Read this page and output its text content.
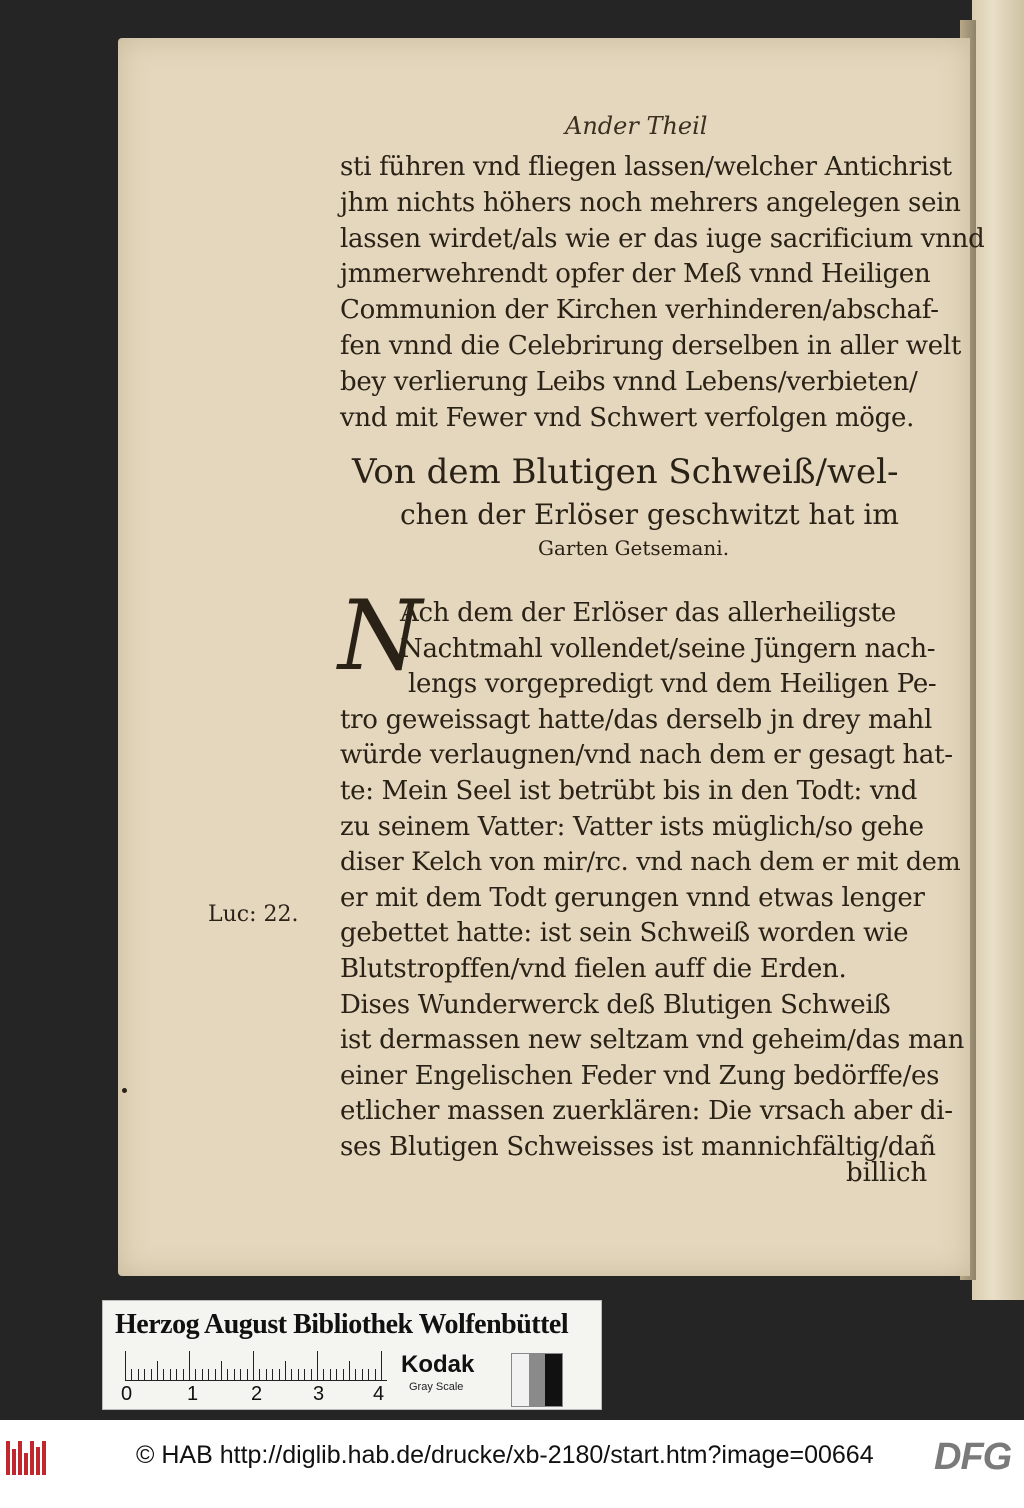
Ander Theil
sti führen vnd fliegen lassen/welcher Antichrist
jhm nichts höhers noch mehrers angelegen sein
lassen wirdet/als wie er das iuge sacrificium vnnd
jmmerwehrendt opfer der Meß vnnd Heiligen
Communion der Kirchen verhinderen/abschaf-
fen vnnd die Celebrirung derselben in aller welt
bey verlierung Leibs vnnd Lebens/verbieten/
vnd mit Fewer vnd Schwert verfolgen möge.
Von dem Blutigen Schweiß/wel-
chen der Erlöser geschwitzt hat im
Garten Getsemani.
N
Ach dem der Erlöser das allerheiligste
Nachtmahl vollendet/seine Jüngern nach-
lengs vorgepredigt vnd dem Heiligen Pe-
tro geweissagt hatte/das derselb jn drey mahl
würde verlaugnen/vnd nach dem er gesagt hat-
te: Mein Seel ist betrübt bis in den Todt: vnd
zu seinem Vatter: Vatter ists müglich/so gehe
diser Kelch von mir/rc. vnd nach dem er mit dem
er mit dem Todt gerungen vnnd etwas lenger
gebettet hatte: ist sein Schweiß worden wie
Blutstropffen/vnd fielen auff die Erden.
Dises Wunderwerck deß Blutigen Schweiß
ist dermassen new seltzam vnd geheim/das man
einer Engelischen Feder vnd Zung bedörffe/es
etlicher massen zuerklären: Die vrsach aber di-
ses Blutigen Schweisses ist mannichfältig/dañ
Luc: 22.
billich
Herzog August Bibliothek Wolfenbüttel
0	1	2	3 4
Kodak
Gray Scale
© HAB http://diglib.hab.de/drucke/xb-2180/start.htm?image=00664 DFG
